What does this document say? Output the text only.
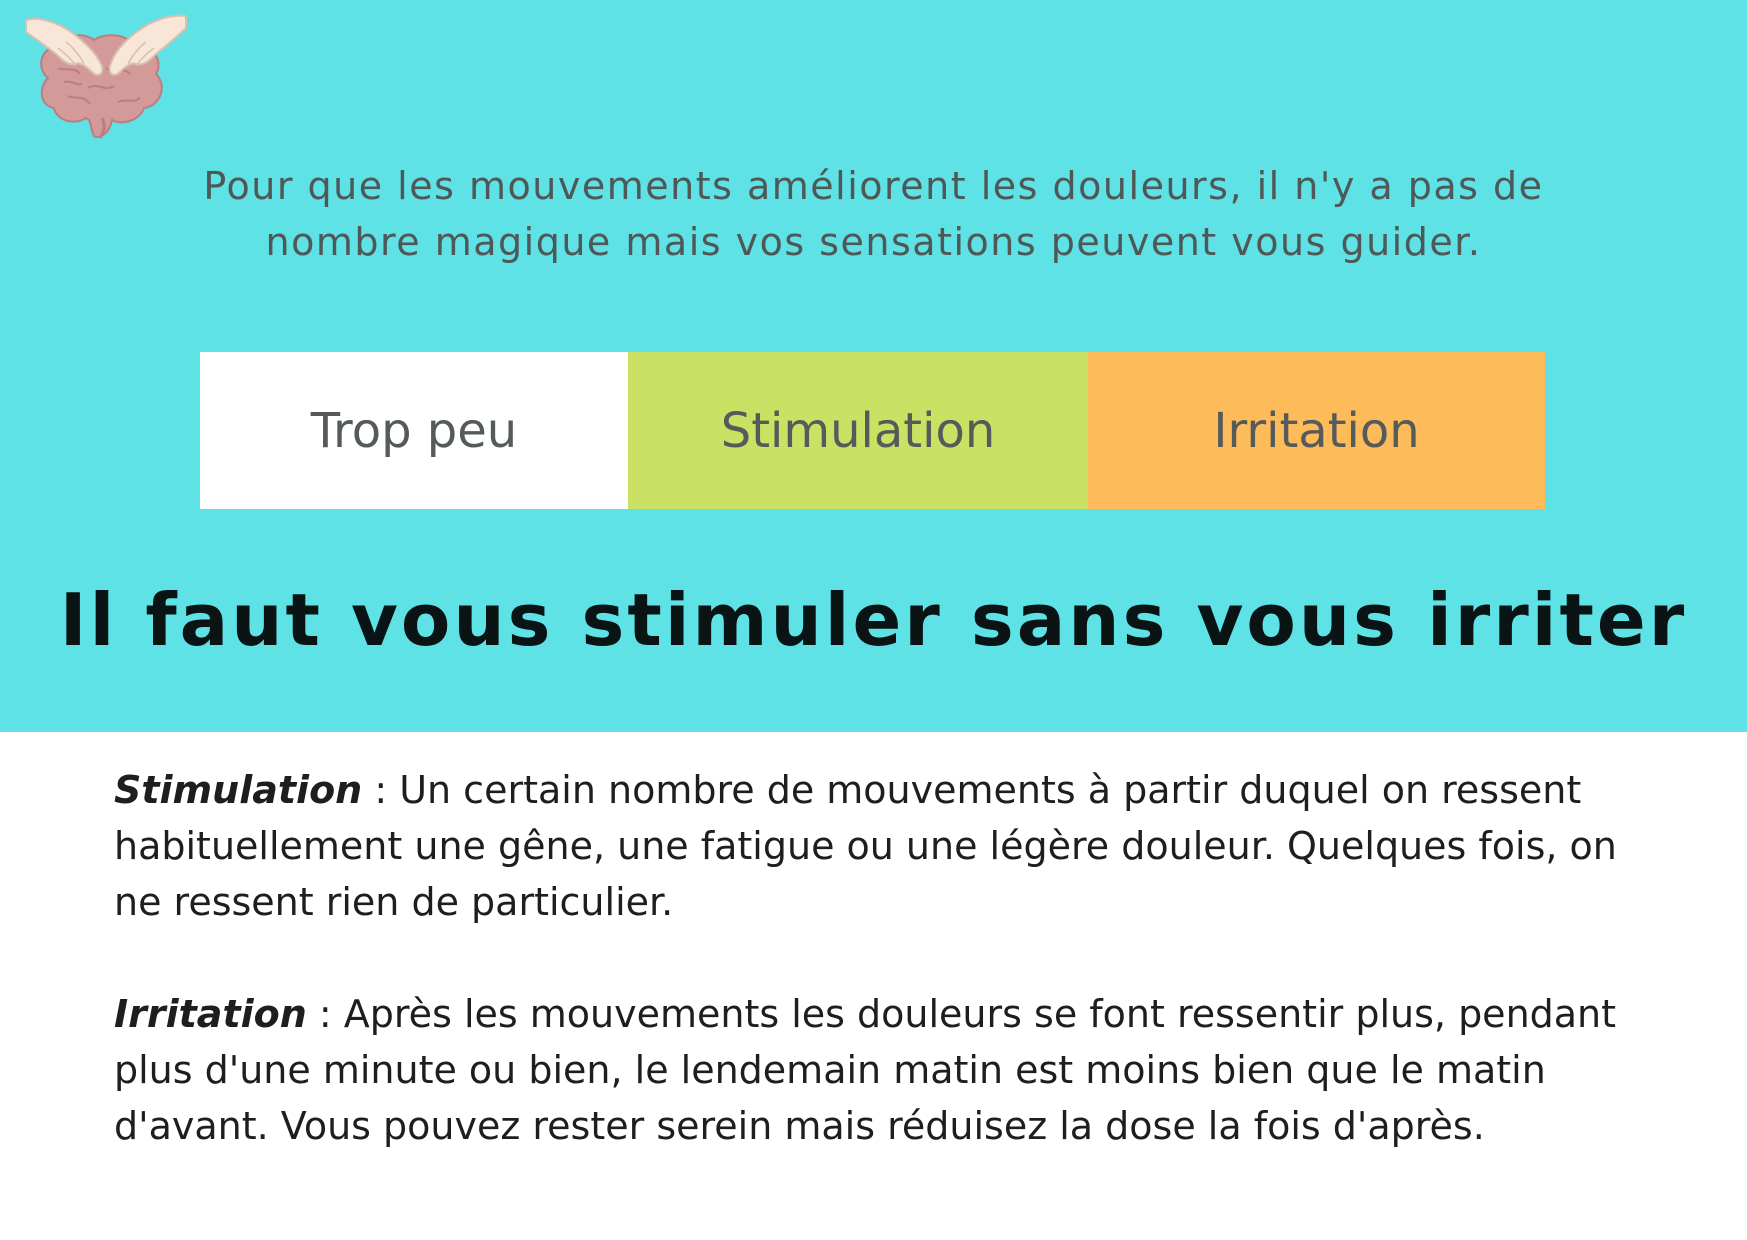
Pour que les mouvements améliorent les douleurs, il n'y a pas de
nombre magique mais vos sensations peuvent vous guider.
Trop peu	Stimulation	Irritation
Il faut vous stimuler sans vous irriter

Stimulation : Un certain nombre de mouvements à partir duquel on ressent habituellement une gêne, une fatigue ou une légère douleur. Quelques fois, on ne ressent rien de particulier.

Irritation : Après les mouvements les douleurs se font ressentir plus, pendant plus d'une minute ou bien, le lendemain matin est moins bien que le matin d'avant. Vous pouvez rester serein mais réduisez la dose la fois d'après.
